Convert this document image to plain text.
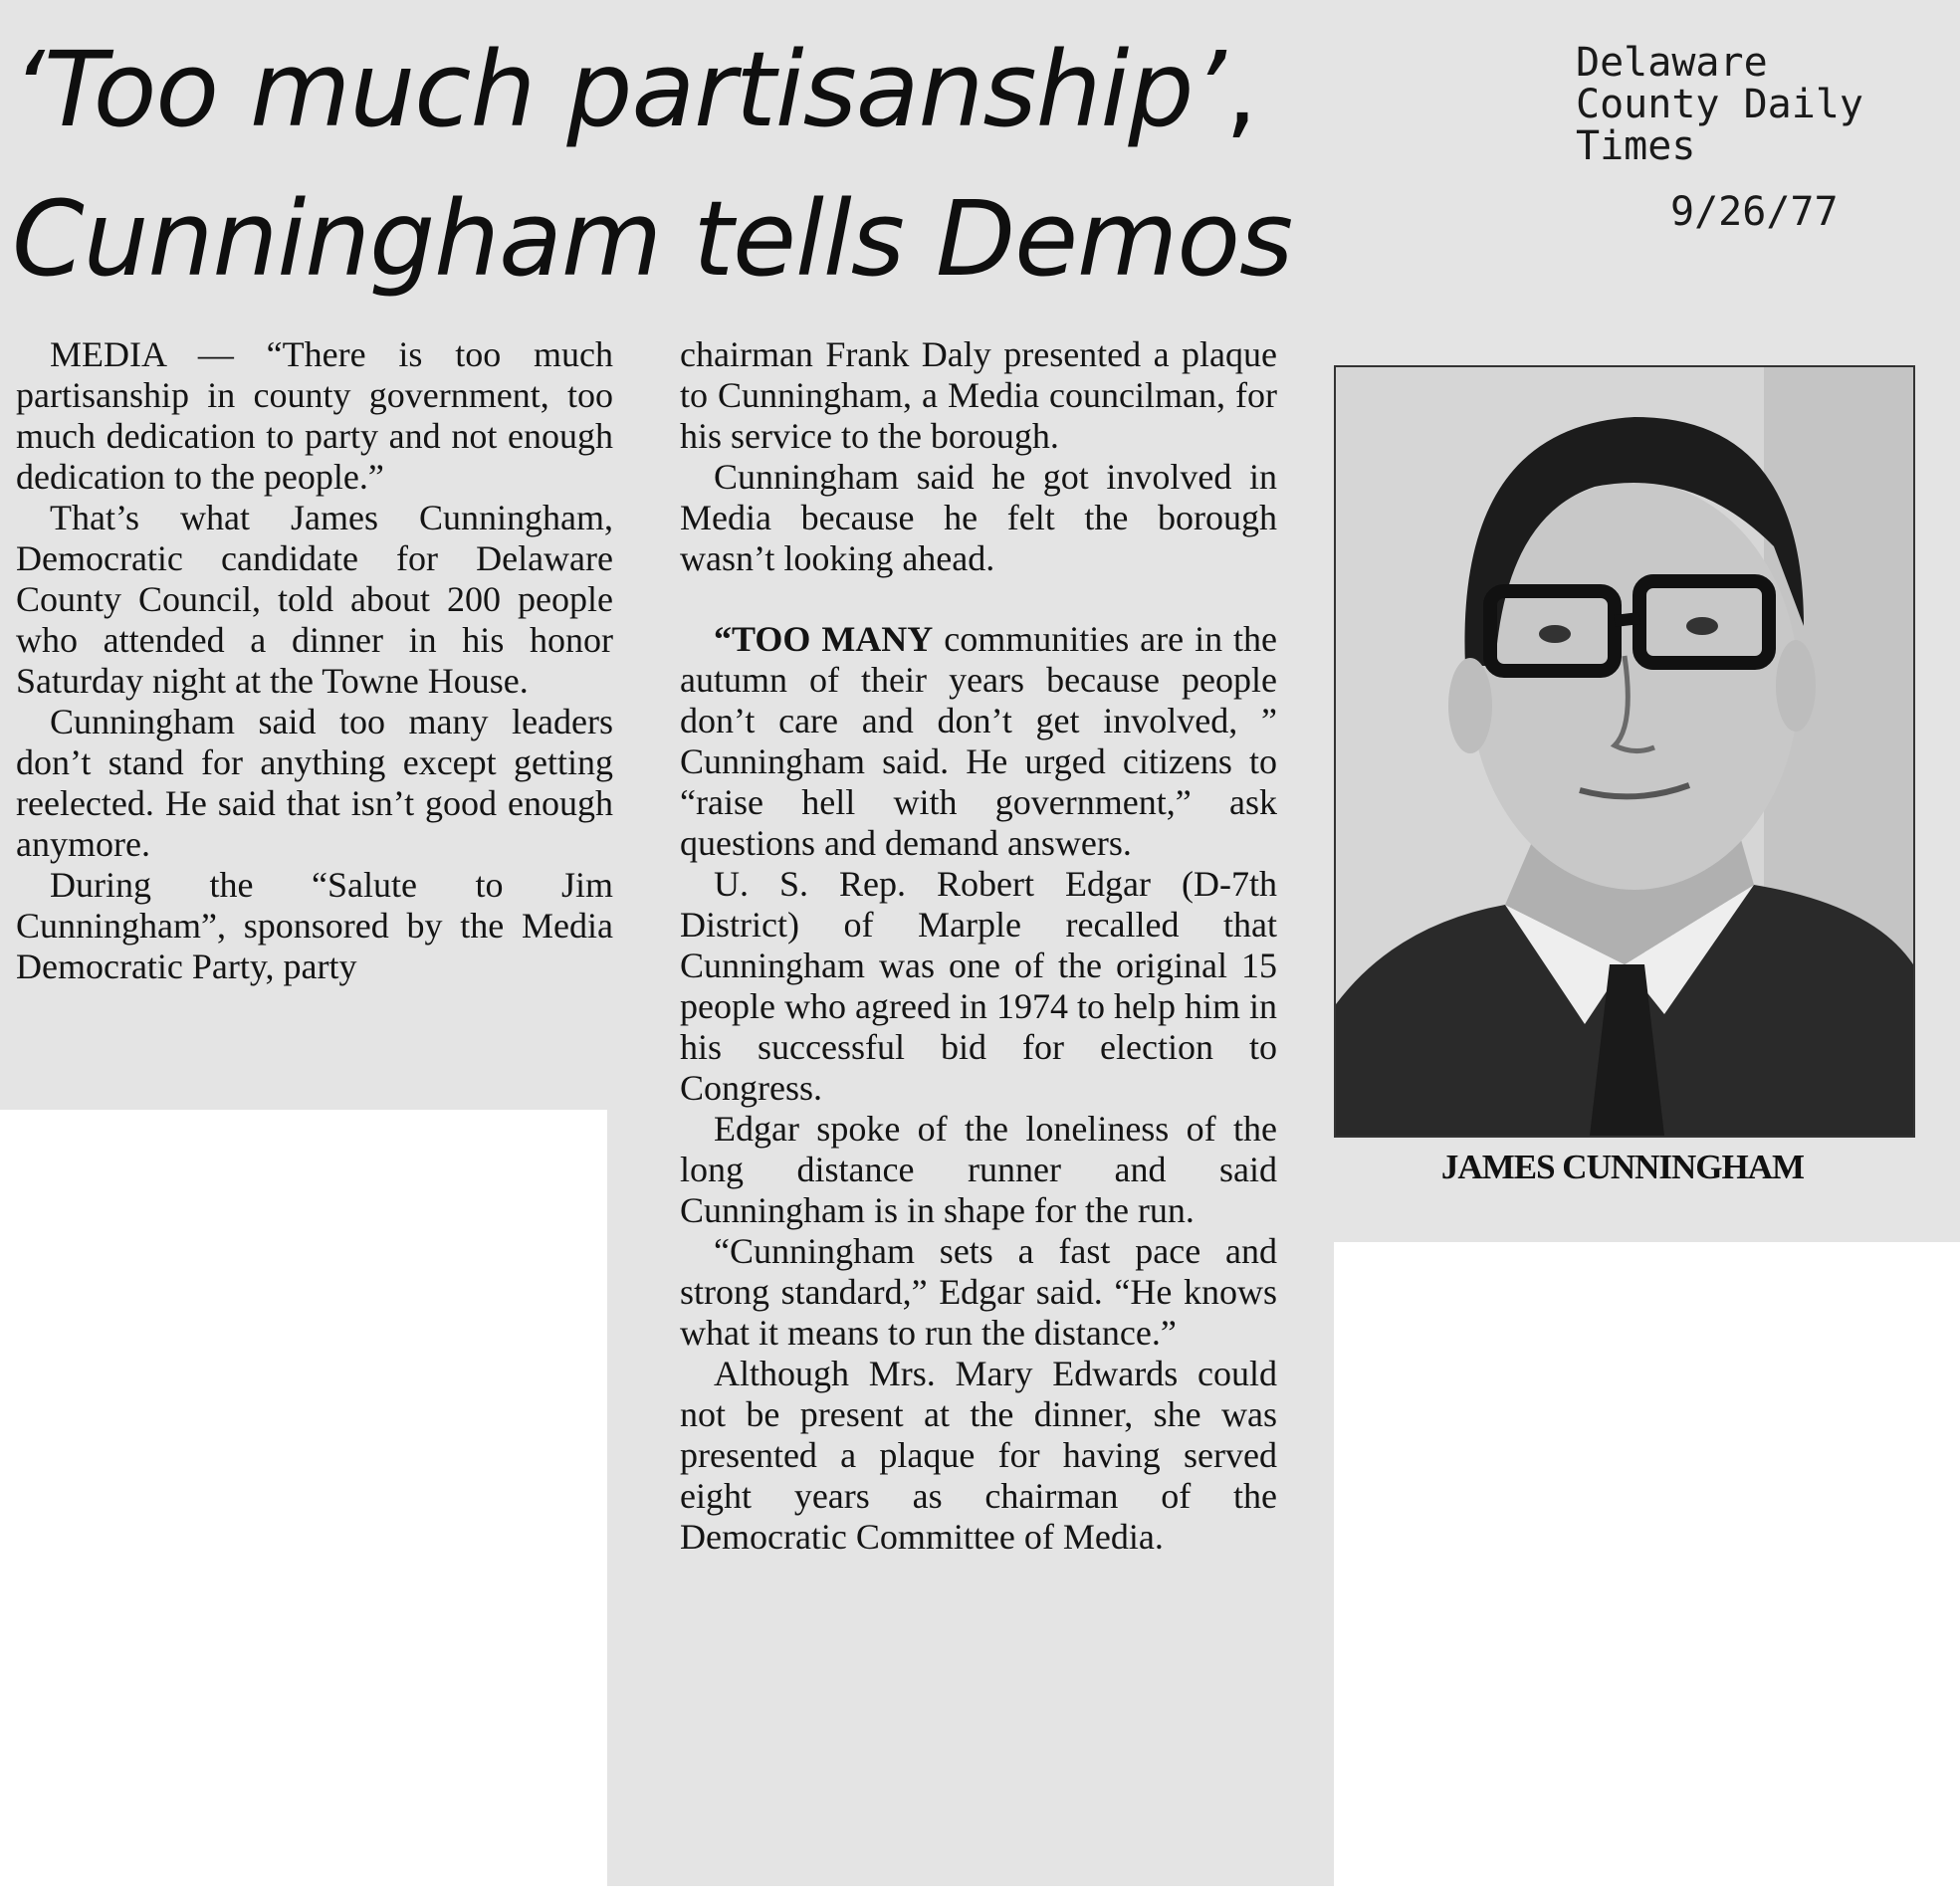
‘Too much partisanship’,
Cunningham tells Demos
Delaware
County Daily
Times
9/26/77

MEDIA — “There is too much partisanship in county government, too much dedication to party and not enough dedication to the people.”

That’s what James Cunningham, Democratic candidate for Delaware County Council, told about 200 people who attended a dinner in his honor Saturday night at the Towne House.

Cunningham said too many leaders don’t stand for anything except getting reelected. He said that isn’t good enough anymore.

During the “Salute to Jim Cunningham”, sponsored by the Media Democratic Party, party

chairman Frank Daly presented a plaque to Cunningham, a Media councilman, for his service to the borough.

Cunningham said he got involved in Media because he felt the borough wasn’t looking ahead.

“TOO MANY communities are in the autumn of their years because people don’t care and don’t get involved, ” Cunningham said. He urged citizens to “raise hell with government,” ask questions and demand answers.

U. S. Rep. Robert Edgar (D-7th District) of Marple recalled that Cunningham was one of the original 15 people who agreed in 1974 to help him in his successful bid for election to Congress.

Edgar spoke of the loneliness of the long distance runner and said Cunningham is in shape for the run.

“Cunningham sets a fast pace and strong standard,” Edgar said. “He knows what it means to run the distance.”

Although Mrs. Mary Edwards could not be present at the dinner, she was presented a plaque for having served eight years as chairman of the Democratic Committee of Media.

JAMES CUNNINGHAM
